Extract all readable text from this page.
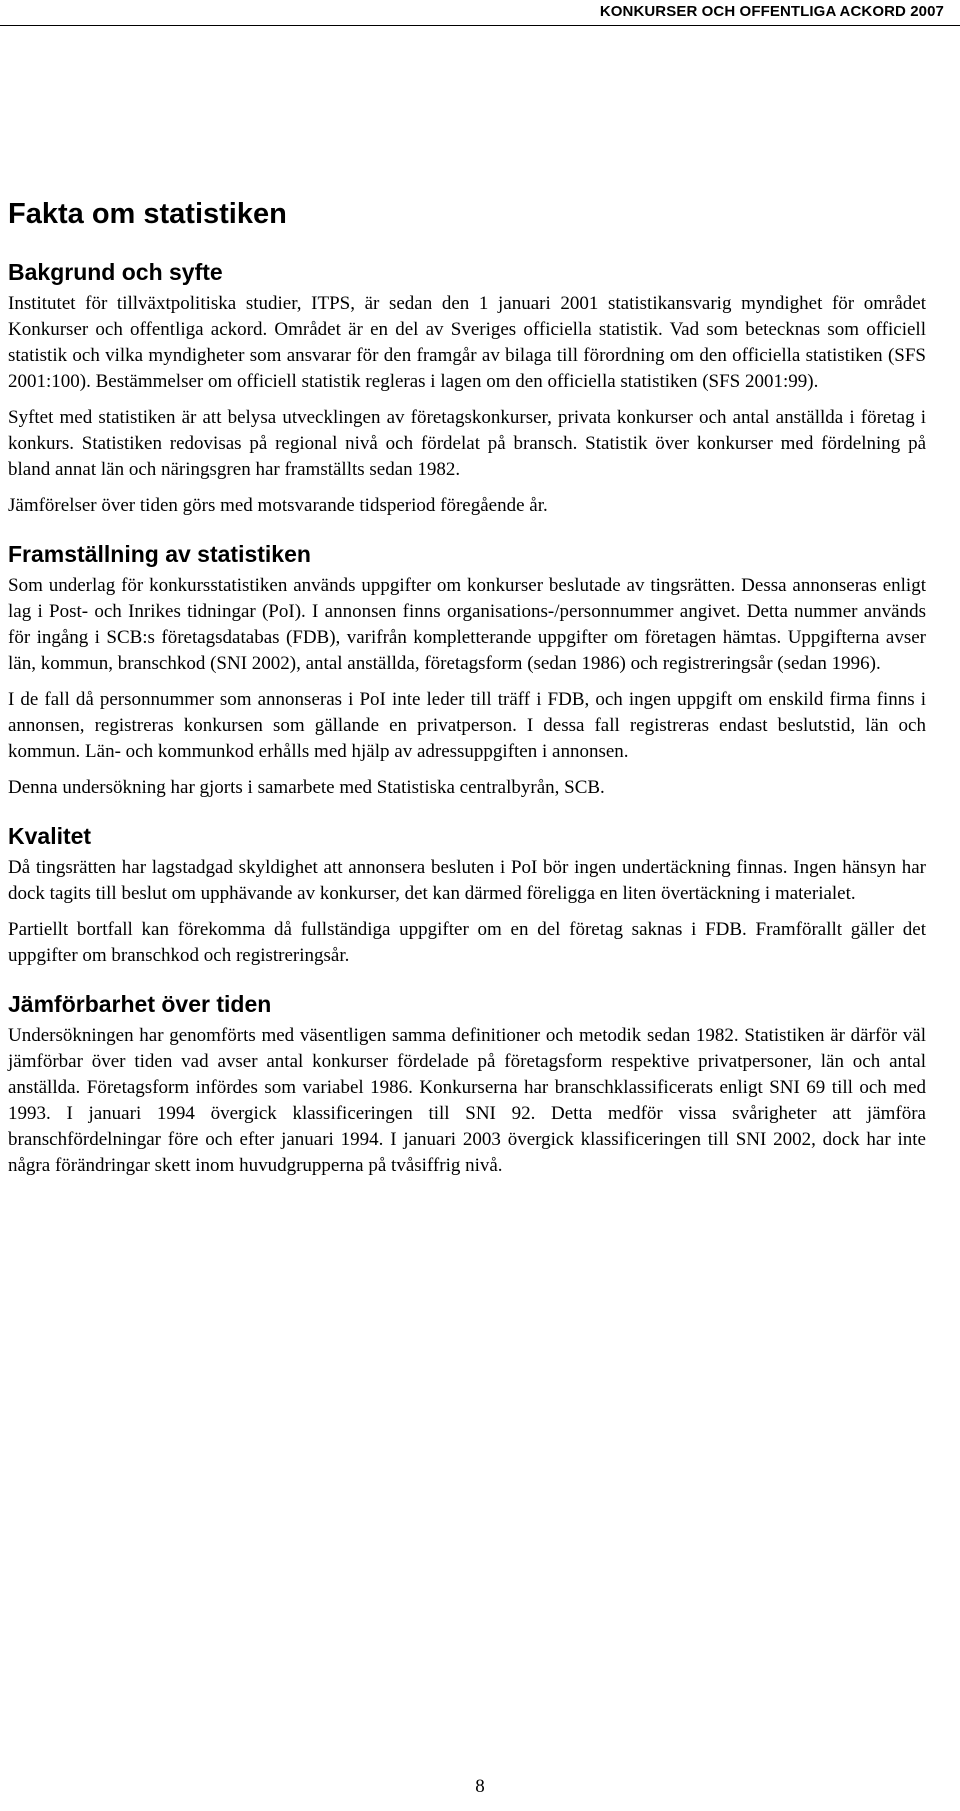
KONKURSER OCH OFFENTLIGA ACKORD 2007
Fakta om statistiken
Bakgrund och syfte

Institutet för tillväxtpolitiska studier, ITPS, är sedan den 1 januari 2001 statistikansvarig myndighet för området Konkurser och offentliga ackord. Området är en del av Sveriges officiella statistik. Vad som betecknas som officiell statistik och vilka myndigheter som ansvarar för den framgår av bilaga till förordning om den officiella statistiken (SFS 2001:100). Bestämmelser om officiell statistik regleras i lagen om den officiella statistiken (SFS 2001:99).

Syftet med statistiken är att belysa utvecklingen av företagskonkurser, privata konkurser och antal anställda i företag i konkurs. Statistiken redovisas på regional nivå och fördelat på bransch. Statistik över konkurser med fördelning på bland annat län och näringsgren har framställts sedan 1982.

Jämförelser över tiden görs med motsvarande tidsperiod föregående år.

Framställning av statistiken

Som underlag för konkursstatistiken används uppgifter om konkurser beslutade av tingsrätten. Dessa annonseras enligt lag i Post- och Inrikes tidningar (PoI). I annonsen finns organisations-/personnummer angivet. Detta nummer används för ingång i SCB:s företagsdatabas (FDB), varifrån kompletterande uppgifter om företagen hämtas. Uppgifterna avser län, kommun, branschkod (SNI 2002), antal anställda, företagsform (sedan 1986) och registreringsår (sedan 1996).

I de fall då personnummer som annonseras i PoI inte leder till träff i FDB, och ingen uppgift om enskild firma finns i annonsen, registreras konkursen som gällande en privatperson. I dessa fall registreras endast beslutstid, län och kommun. Län- och kommunkod erhålls med hjälp av adressuppgiften i annonsen.

Denna undersökning har gjorts i samarbete med Statistiska centralbyrån, SCB.

Kvalitet

Då tingsrätten har lagstadgad skyldighet att annonsera besluten i PoI bör ingen undertäckning finnas. Ingen hänsyn har dock tagits till beslut om upphävande av konkurser, det kan därmed föreligga en liten övertäckning i materialet.

Partiellt bortfall kan förekomma då fullständiga uppgifter om en del företag saknas i FDB. Framförallt gäller det uppgifter om branschkod och registreringsår.

Jämförbarhet över tiden

Undersökningen har genomförts med väsentligen samma definitioner och metodik sedan 1982. Statistiken är därför väl jämförbar över tiden vad avser antal konkurser fördelade på företagsform respektive privatpersoner, län och antal anställda. Företagsform infördes som variabel 1986. Konkurserna har branschklassificerats enligt SNI 69 till och med 1993. I januari 1994 övergick klassificeringen till SNI 92. Detta medför vissa svårigheter att jämföra branschfördelningar före och efter januari 1994. I januari 2003 övergick klassificeringen till SNI 2002, dock har inte några förändringar skett inom huvudgrupperna på tvåsiffrig nivå.

8
